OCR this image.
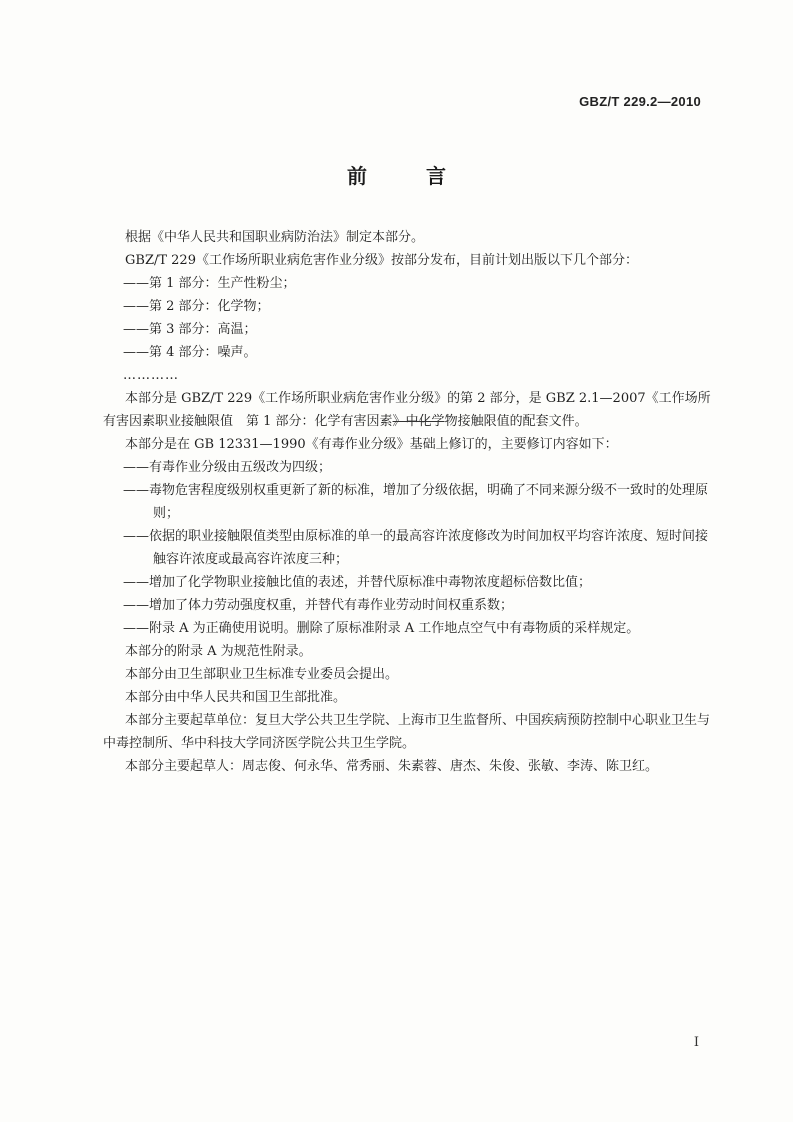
GBZ/T 229.2—2010
前 言

根据《中华人民共和国职业病防治法》制定本部分。

GBZ/T 229《工作场所职业病危害作业分级》按部分发布，目前计划出版以下几个部分：

——第 1 部分：生产性粉尘；

——第 2 部分：化学物；

——第 3 部分：高温；

——第 4 部分：噪声。

…………

本部分是 GBZ/T 229《工作场所职业病危害作业分级》的第 2 部分，是 GBZ 2.1—2007《工作场所有害因素职业接触限值　第 1 部分：化学有害因素》中化学物接触限值的配套文件。

本部分是在 GB 12331—1990《有毒作业分级》基础上修订的，主要修订内容如下：

——有毒作业分级由五级改为四级；

——毒物危害程度级别权重更新了新的标准，增加了分级依据，明确了不同来源分级不一致时的处理原则；

——依据的职业接触限值类型由原标准的单一的最高容许浓度修改为时间加权平均容许浓度、短时间接触容许浓度或最高容许浓度三种；

——增加了化学物职业接触比值的表述，并替代原标准中毒物浓度超标倍数比值；

——增加了体力劳动强度权重，并替代有毒作业劳动时间权重系数；

——附录 A 为正确使用说明。删除了原标准附录 A 工作地点空气中有毒物质的采样规定。

本部分的附录 A 为规范性附录。

本部分由卫生部职业卫生标准专业委员会提出。

本部分由中华人民共和国卫生部批准。

本部分主要起草单位：复旦大学公共卫生学院、上海市卫生监督所、中国疾病预防控制中心职业卫生与中毒控制所、华中科技大学同济医学院公共卫生学院。

本部分主要起草人：周志俊、何永华、常秀丽、朱素蓉、唐杰、朱俊、张敏、李涛、陈卫红。

I
